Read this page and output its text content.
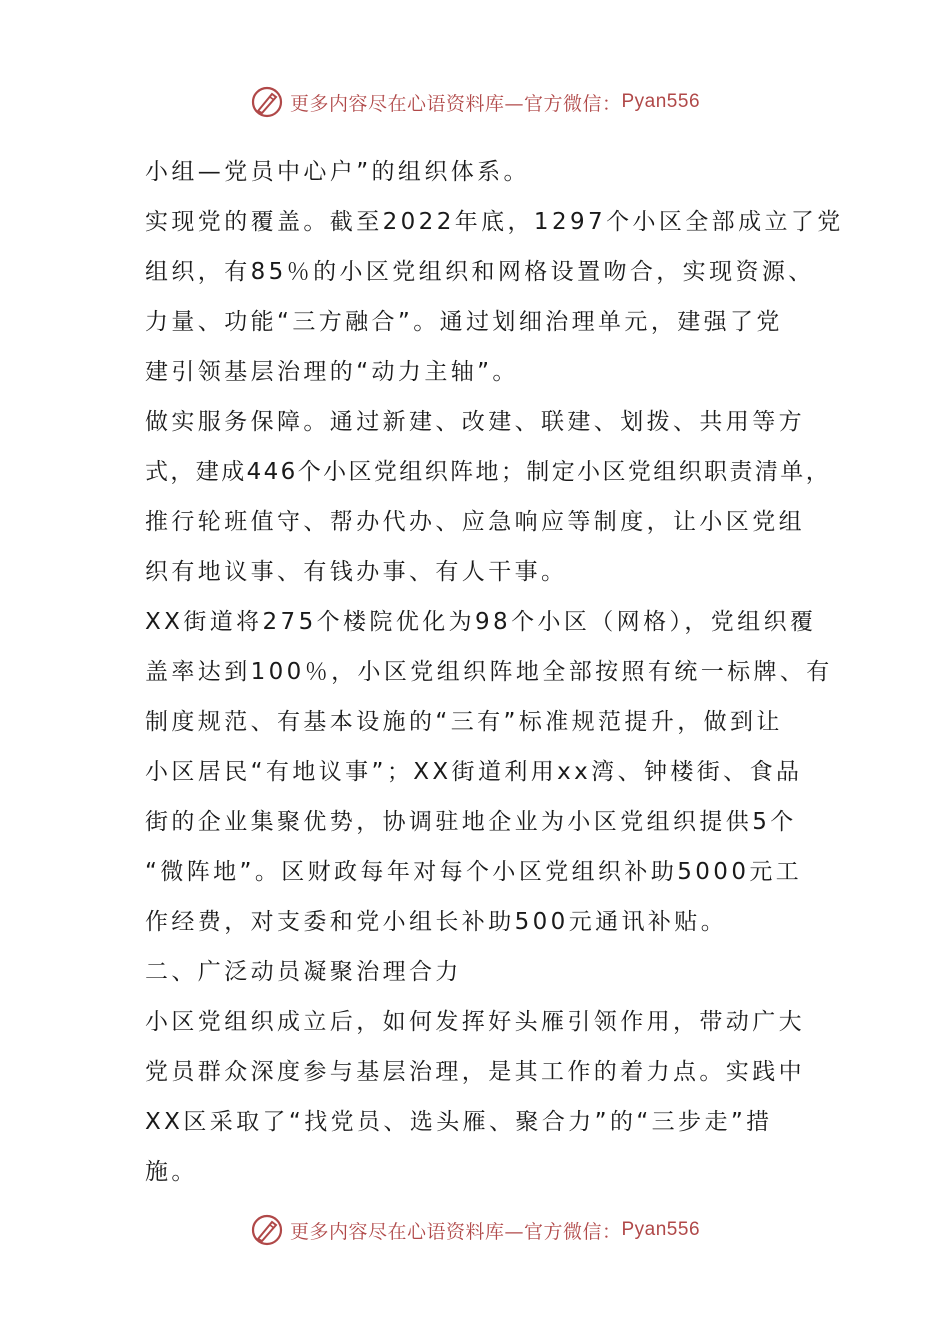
更多内容尽在心语资料库—官方微信： Pyan556
小组—党员中心户”的组织体系。
实现党的覆盖。截至2022年底，1297个小区全部成立了党
组织，有85％的小区党组织和网格设置吻合，实现资源、
力量、功能“三方融合”。通过划细治理单元，建强了党
建引领基层治理的“动力主轴”。
做实服务保障。通过新建、改建、联建、划拨、共用等方
式，建成446个小区党组织阵地；制定小区党组织职责清单，
推行轮班值守、帮办代办、应急响应等制度，让小区党组
织有地议事、有钱办事、有人干事。
XX街道将275个楼院优化为98个小区（网格），党组织覆
盖率达到100％，小区党组织阵地全部按照有统一标牌、有
制度规范、有基本设施的“三有”标准规范提升，做到让
小区居民“有地议事”；XX街道利用xx湾、钟楼街、食品
街的企业集聚优势，协调驻地企业为小区党组织提供5个
“微阵地”。区财政每年对每个小区党组织补助5000元工
作经费，对支委和党小组长补助500元通讯补贴。
二、广泛动员凝聚治理合力
小区党组织成立后，如何发挥好头雁引领作用，带动广大
党员群众深度参与基层治理，是其工作的着力点。实践中
XX区采取了“找党员、选头雁、聚合力”的“三步走”措
施。
更多内容尽在心语资料库—官方微信： Pyan556
